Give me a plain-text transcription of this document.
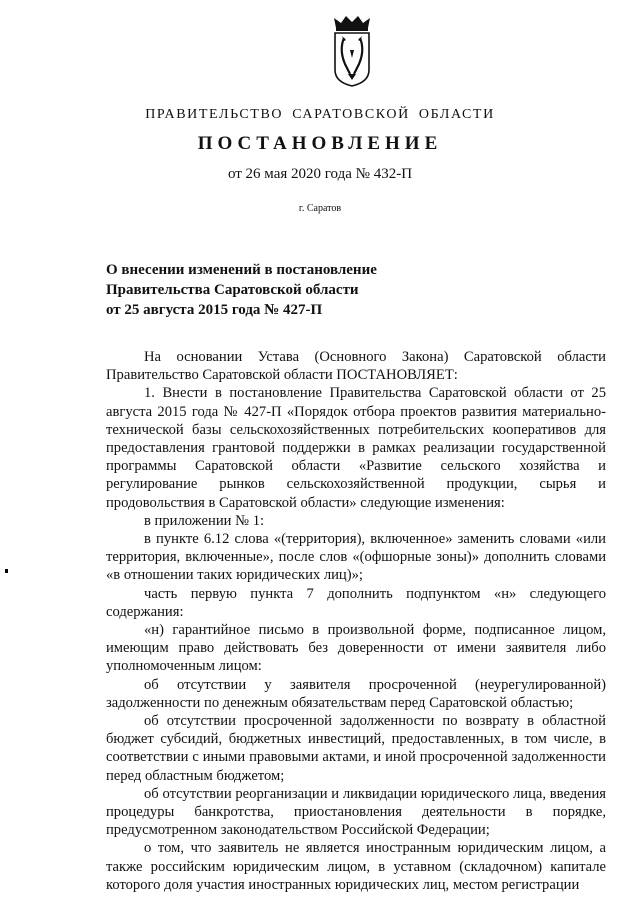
ПРАВИТЕЛЬСТВО САРАТОВСКОЙ ОБЛАСТИ
ПОСТАНОВЛЕНИЕ
от 26 мая 2020 года № 432-П
г. Саратов
О внесении изменений в постановление
Правительства Саратовской области
от 25 августа 2015 года № 427-П

На основании Устава (Основного Закона) Саратовской области Правительство Саратовской области ПОСТАНОВЛЯЕТ:

1. Внести в постановление Правительства Саратовской области от 25 августа 2015 года № 427-П «Порядок отбора проектов развития материально-технической базы сельскохозяйственных потребительских кооперативов для предоставления грантовой поддержки в рамках реализации государственной программы Саратовской области «Развитие сельского хозяйства и регулирование рынков сельскохозяйственной продукции, сырья и продовольствия в Саратовской области» следующие изменения:

в приложении № 1:

в пункте 6.12 слова «(территория), включенное» заменить словами «или территория, включенные», после слов «(офшорные зоны)» дополнить словами «в отношении таких юридических лиц)»;

часть первую пункта 7 дополнить подпунктом «н» следующего содержания:

«н) гарантийное письмо в произвольной форме, подписанное лицом, имеющим право действовать без доверенности от имени заявителя либо уполномоченным лицом:

об отсутствии у заявителя просроченной (неурегулированной) задолженности по денежным обязательствам перед Саратовской областью;

об отсутствии просроченной задолженности по возврату в областной бюджет субсидий, бюджетных инвестиций, предоставленных, в том числе, в соответствии с иными правовыми актами, и иной просроченной задолженности перед областным бюджетом;

об отсутствии реорганизации и ликвидации юридического лица, введения процедуры банкротства, приостановления деятельности в порядке, предусмотренном законодательством Российской Федерации;

о том, что заявитель не является иностранным юридическим лицом, а также российским юридическим лицом, в уставном (складочном) капитале которого доля участия иностранных юридических лиц, местом регистрации
